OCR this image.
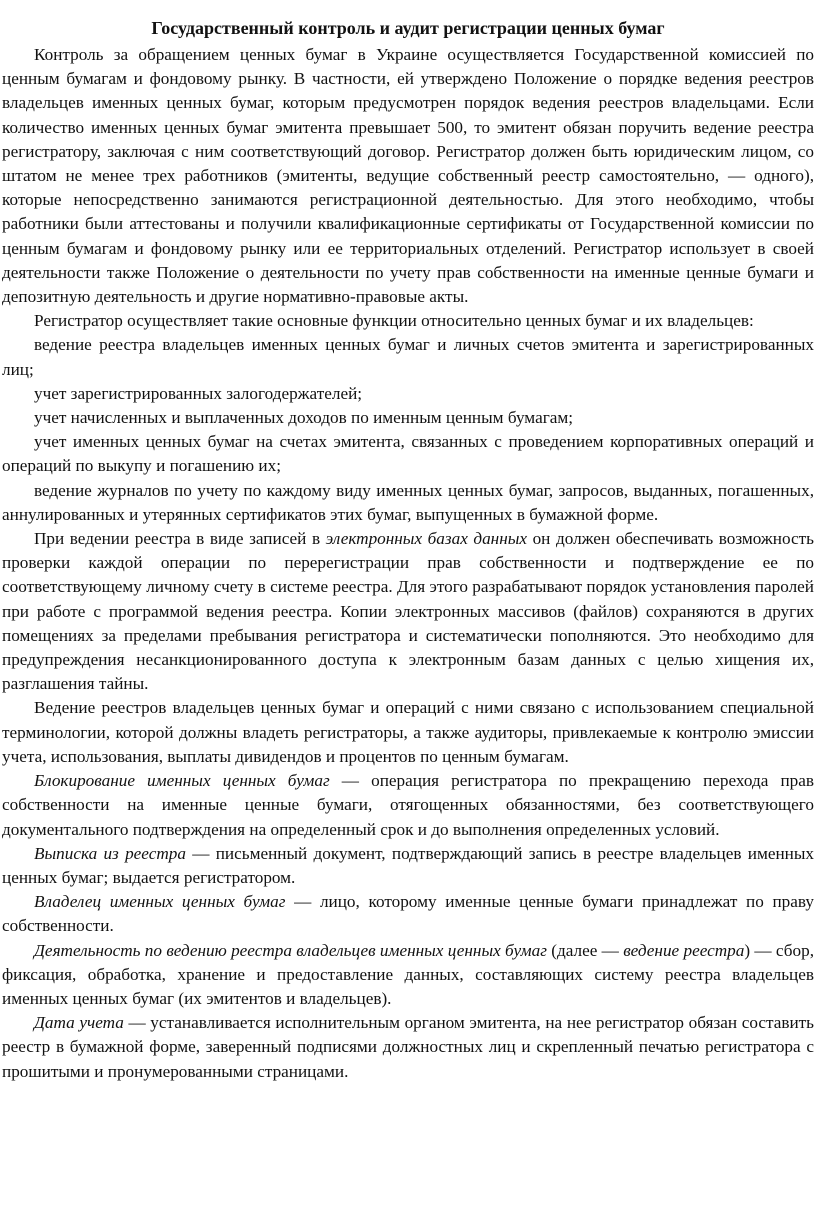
Государственный контроль и аудит регистрации ценных бумаг

Контроль за обращением ценных бумаг в Украине осуществляется Государственной комиссией по ценным бумагам и фондовому рынку. В частности, ей утверждено Положение о порядке ведения реестров владельцев именных ценных бумаг, которым предусмотрен порядок ведения реестров владельцами. Если количество именных ценных бумаг эмитента превышает 500, то эмитент обязан поручить ведение реестра регистратору, заключая с ним соответствующий договор. Регистратор должен быть юридическим лицом, со штатом не менее трех работников (эмитенты, ведущие собственный реестр самостоятельно, — одного), которые непосредственно занимаются регистрационной деятельностью. Для этого необходимо, чтобы работники были аттестованы и получили квалификационные сертификаты от Государственной комиссии по ценным бумагам и фондовому рынку или ее территориальных отделений. Регистратор использует в своей деятельности также Положение о деятельности по учету прав собственности на именные ценные бумаги и депозитную деятельность и другие нормативно-правовые акты.

Регистратор осуществляет такие основные функции относительно ценных бумаг и их владельцев:

ведение реестра владельцев именных ценных бумаг и личных счетов эмитента и зарегистрированных лиц;

учет зарегистрированных залогодержателей;

учет начисленных и выплаченных доходов по именным ценным бумагам;

учет именных ценных бумаг на счетах эмитента, связанных с проведением корпоративных операций и операций по выкупу и погашению их;

ведение журналов по учету по каждому виду именных ценных бумаг, запросов, выданных, погашенных, аннулированных и утерянных сертификатов этих бумаг, выпущенных в бумажной форме.

При ведении реестра в виде записей в электронных базах данных он должен обеспечивать возможность проверки каждой операции по перерегистрации прав собственности и подтверждение ее по соответствующему личному счету в системе реестра. Для этого разрабатывают порядок установления паролей при работе с программой ведения реестра. Копии электронных массивов (файлов) сохраняются в других помещениях за пределами пребывания регистратора и систематически пополняются. Это необходимо для предупреждения несанкционированного доступа к электронным базам данных с целью хищения их, разглашения тайны.

Ведение реестров владельцев ценных бумаг и операций с ними связано с использованием специальной терминологии, которой должны владеть регистраторы, а также аудиторы, привлекаемые к контролю эмиссии учета, использования, выплаты дивидендов и процентов по ценным бумагам.

Блокирование именных ценных бумаг — операция регистратора по прекращению перехода прав собственности на именные ценные бумаги, отягощенных обязанностями, без соответствующего документального подтверждения на определенный срок и до выполнения определенных условий.

Выписка из реестра — письменный документ, подтверждающий запись в реестре владельцев именных ценных бумаг; выдается регистратором.

Владелец именных ценных бумаг — лицо, которому именные ценные бумаги принадлежат по праву собственности.

Деятельность по ведению реестра владельцев именных ценных бумаг (далее — ведение реестра) — сбор, фиксация, обработка, хранение и предоставление данных, составляющих систему реестра владельцев именных ценных бумаг (их эмитентов и владельцев).

Дата учета — устанавливается исполнительным органом эмитента, на нее регистратор обязан составить реестр в бумажной форме, заверенный подписями должностных лиц и скрепленный печатью регистратора с прошитыми и пронумерованными страницами.
